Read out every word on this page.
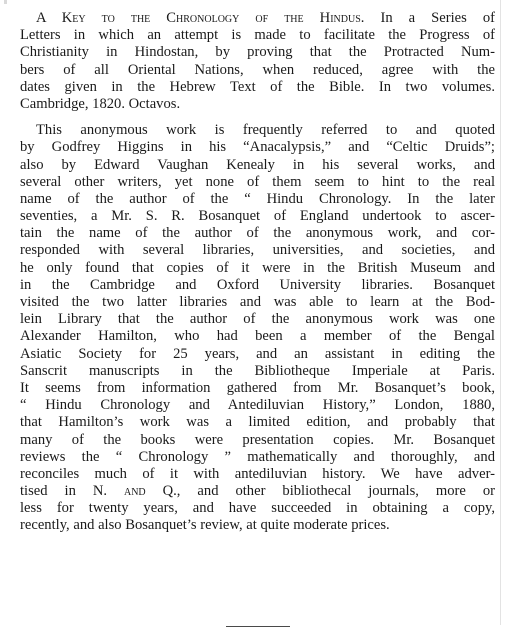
A Key to the Chronology of the Hindus. In a Series of
Letters in which an attempt is made to facilitate the Progress of
Christianity in Hindostan, by proving that the Protracted Num-
bers of all Oriental Nations, when reduced, agree with the
dates given in the Hebrew Text of the Bible. In two volumes.
Cambridge, 1820. Octavos.
This anonymous work is frequently referred to and quoted
by Godfrey Higgins in his “Anacalypsis,” and “Celtic Druids”;
also by Edward Vaughan Kenealy in his several works, and
several other writers, yet none of them seem to hint to the real
name of the author of the “ Hindu Chronology. In the later
seventies, a Mr. S. R. Bosanquet of England undertook to ascer-
tain the name of the author of the anonymous work, and cor-
responded with several libraries, universities, and societies, and
he only found that copies of it were in the British Museum and
in the Cambridge and Oxford University libraries. Bosanquet
visited the two latter libraries and was able to learn at the Bod-
lein Library that the author of the anonymous work was one
Alexander Hamilton, who had been a member of the Bengal
Asiatic Society for 25 years, and an assistant in editing the
Sanscrit manuscripts in the Bibliotheque Imperiale at Paris.
It seems from information gathered from Mr. Bosanquet’s book,
“ Hindu Chronology and Antediluvian History,” London, 1880,
that Hamilton’s work was a limited edition, and probably that
many of the books were presentation copies. Mr. Bosanquet
reviews the “ Chronology ” mathematically and thoroughly, and
reconciles much of it with antediluvian history. We have adver-
tised in N. and Q., and other bibliothecal journals, more or
less for twenty years, and have succeeded in obtaining a copy,
recently, and also Bosanquet’s review, at quite moderate prices.
